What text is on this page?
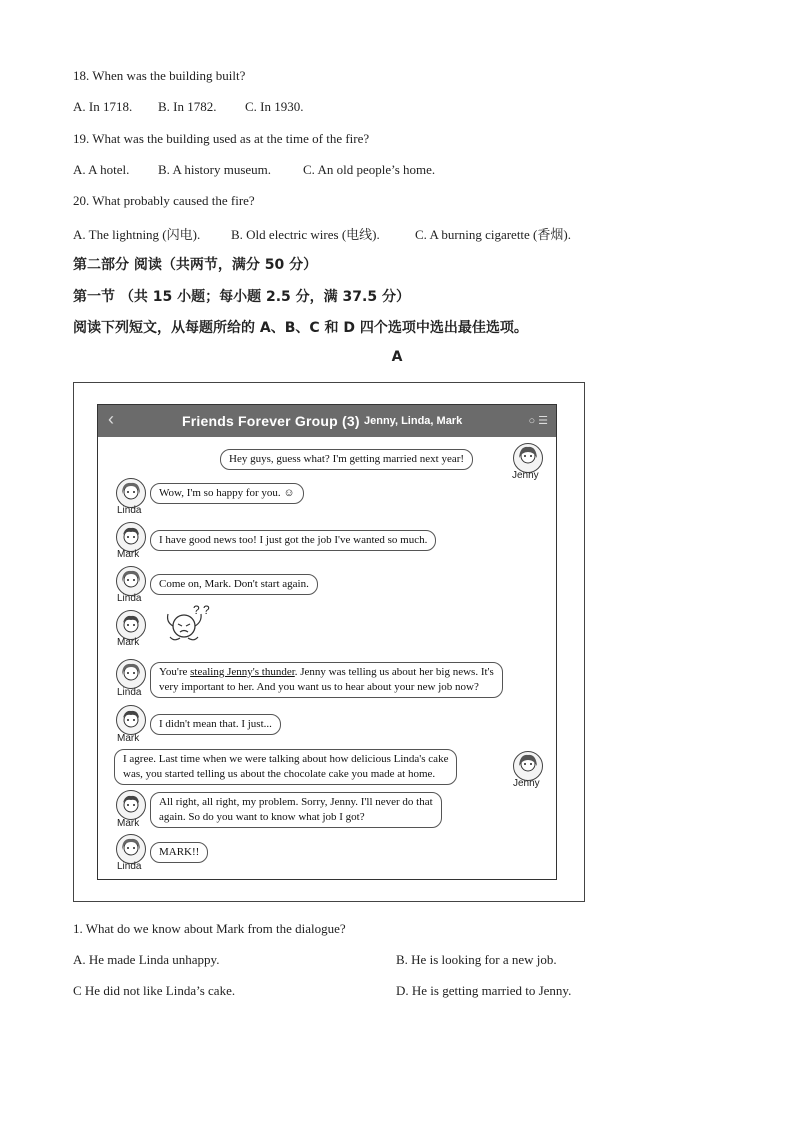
18. When was the building built?
A. In 1718. B. In 1782. C. In 1930.
19. What was the building used as at the time of the fire?
A. A hotel. B. A history museum. C. An old people’s home.
20. What probably caused the fire?
A. The lightning (闪电). B. Old electric wires (电线).	C. A burning cigarette (香烟).
第二部分 阅读（共两节，满分 50 分）
第一节 （共 15 小题；每小题 2.5 分，满 37.5 分）
阅读下列短文，从每题所给的 A、B、C 和 D 四个选项中选出最佳选项。
A
‹	Friends Forever Group (3) Jenny, Linda, Mark	○ ☰
Hey guys, guess what? I'm getting married next year!
Jenny
Linda
Wow, I'm so happy for you. ☺
Mark
I have good news too! I just got the job I've wanted so much.
Linda
Come on, Mark. Don't start again.
Mark
? ?
Linda
You're stealing Jenny's thunder. Jenny was telling us about her big news. It's
very important to her. And you want us to hear about your new job now?
Mark
I didn't mean that. I just...
I agree. Last time when we were talking about how delicious Linda's cake
was, you started telling us about the chocolate cake you made at home.
Jenny
Mark
All right, all right, my problem. Sorry, Jenny. I'll never do that
again. So do you want to know what job I got?
Linda
MARK!!
1. What do we know about Mark from the dialogue?
A. He made Linda unhappy.	B. He is looking for a new job.
C He did not like Linda’s cake.	D. He is getting married to Jenny.
